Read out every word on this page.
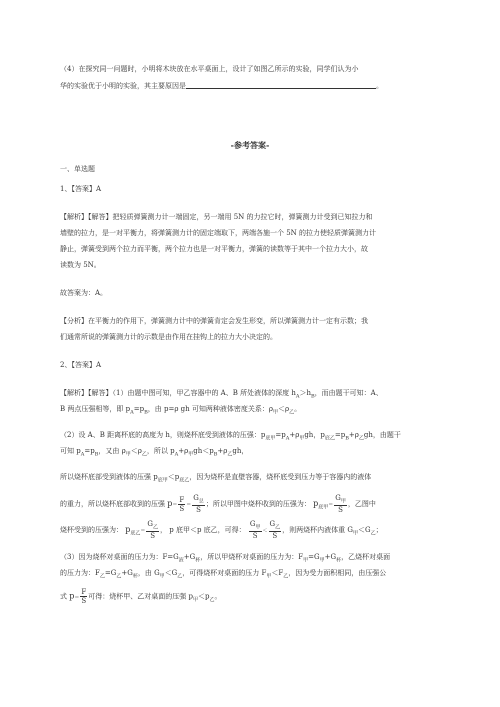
（4）在探究同一问题时，小明将木块放在水平桌面上，设计了如图乙所示的实验，同学们认为小
华的实验优于小明的实验，其主要原因是	。
-参考答案-
一、单选题
1、【答案】A
【解析】【解答】把轻质弹簧测力计一端固定，另一端用 5N 的力拉它时，弹簧测力计受到已知拉力和
墙壁的拉力，是一对平衡力，将弹簧测力计的固定端取下，两端各施一个 5N 的拉力使轻质弹簧测力计
静止，弹簧受到两个拉力而平衡，两个拉力也是一对平衡力，弹簧的读数等于其中一个拉力大小，故
读数为 5N。
故答案为：A。
【分析】在平衡力的作用下，弹簧测力计中的弹簧肯定会发生形变，所以弹簧测力计一定有示数；我
们通常所说的弹簧测力计的示数是由作用在挂钩上的拉力大小决定的。
2、【答案】A
【解析】【解答】（1）由题中图可知，甲乙容器中的 A、B 所处液体的深度 $h_A>h_B$，而由题干可知：A、
B 两点压强相等，即 $p_A=p_B$，由 p=ρ gh 可知两种液体密度关系：$\rho_甲<\rho_乙$。
（2）设 A、B 距离杯底的高度为 h，则烧杯底受到液体的压强：$p_{底甲}=p_A+\rho_甲gh$，$p_{底乙}=p_B+\rho_乙gh$，由题干
可知 $p_A=p_B$，又由 $\rho_甲<\rho_乙$，所以 $p_A+\rho_甲gh<p_B+\rho_乙gh$，
所以烧杯底部受到液体的压强 $p_{底甲}<p_{底乙}$，因为烧杯是直壁容器，烧杯底受到压力等于容器内的液体
的重力，所以烧杯底部收到的压强 $p= \frac{F}{S} = \frac{G_总}{S}$ ；所以甲图中烧杯收到的压强为： $p_{底甲}= \frac{G_甲}{S}$ ，乙图中
烧杯受到的压强为： $p_{底乙}= \frac{G_乙}{S}$ ， p 底甲＜p 底乙，可得： $\frac{G_甲}{S} < \frac{G_乙}{S}$ ，则两烧杯内液体重 $G_甲<G_乙$；
（3）因为烧杯对桌面的压力为：$F=G_液+G_杯$，所以甲烧杯对桌面的压力为：$F_甲=G_甲+G_杯$，乙烧杯对桌面
的压力为：$F_乙=G_乙+G_杯$，由 $G_甲<G_乙$，可得烧杯对桌面的压力 $F_甲<F_乙$，因为受力面积相同，由压强公
式 $p= \frac{F}{S}$ 可得：烧杯甲、乙对桌面的压强 $p_甲<p_乙$。
